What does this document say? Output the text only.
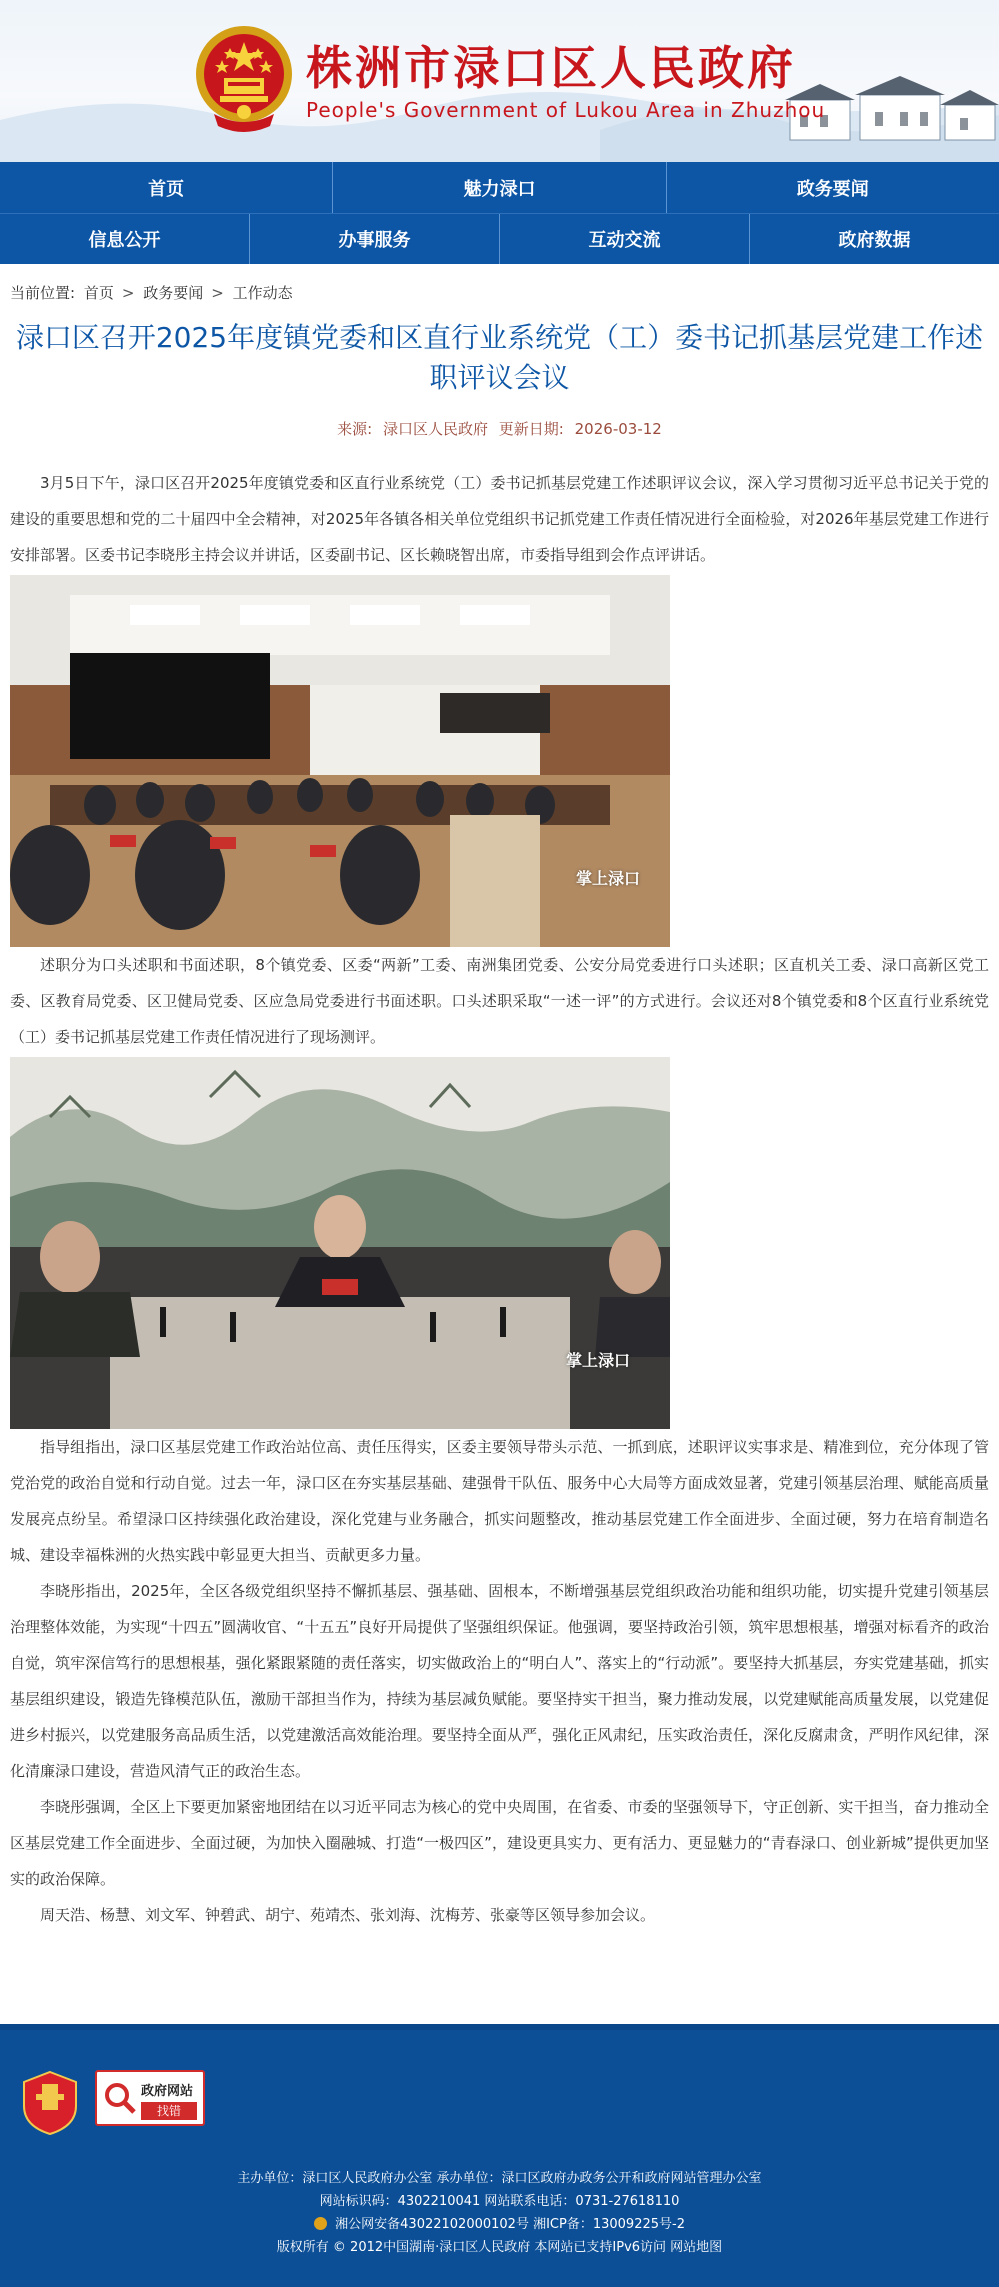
株洲市渌口区人民政府
People's Government of Lukou Area in Zhuzhou
首页	魅力渌口	政务要闻
信息公开	办事服务	互动交流	政府数据
当前位置: 首页 > 政务要闻 > 工作动态
渌口区召开2025年度镇党委和区直行业系统党（工）委书记抓基层党建工作述职评议会议
来源: 渌口区人民政府 更新日期: 2026-03-12

3月5日下午，渌口区召开2025年度镇党委和区直行业系统党（工）委书记抓基层党建工作述职评议会议，深入学习贯彻习近平总书记关于党的建设的重要思想和党的二十届四中全会精神，对2025年各镇各相关单位党组织书记抓党建工作责任情况进行全面检验，对2026年基层党建工作进行安排部署。区委书记李晓彤主持会议并讲话，区委副书记、区长赖晓智出席，市委指导组到会作点评讲话。

掌上渌口

述职分为口头述职和书面述职，8个镇党委、区委“两新”工委、南洲集团党委、公安分局党委进行口头述职；区直机关工委、渌口高新区党工委、区教育局党委、区卫健局党委、区应急局党委进行书面述职。口头述职采取“一述一评”的方式进行。会议还对8个镇党委和8个区直行业系统党（工）委书记抓基层党建工作责任情况进行了现场测评。

掌上渌口

指导组指出，渌口区基层党建工作政治站位高、责任压得实，区委主要领导带头示范、一抓到底，述职评议实事求是、精准到位，充分体现了管党治党的政治自觉和行动自觉。过去一年，渌口区在夯实基层基础、建强骨干队伍、服务中心大局等方面成效显著，党建引领基层治理、赋能高质量发展亮点纷呈。希望渌口区持续强化政治建设，深化党建与业务融合，抓实问题整改，推动基层党建工作全面进步、全面过硬，努力在培育制造名城、建设幸福株洲的火热实践中彰显更大担当、贡献更多力量。

李晓彤指出，2025年，全区各级党组织坚持不懈抓基层、强基础、固根本，不断增强基层党组织政治功能和组织功能，切实提升党建引领基层治理整体效能，为实现“十四五”圆满收官、“十五五”良好开局提供了坚强组织保证。他强调，要坚持政治引领，筑牢思想根基，增强对标看齐的政治自觉，筑牢深信笃行的思想根基，强化紧跟紧随的责任落实，切实做政治上的“明白人”、落实上的“行动派”。要坚持大抓基层，夯实党建基础，抓实基层组织建设，锻造先锋模范队伍，激励干部担当作为，持续为基层减负赋能。要坚持实干担当，聚力推动发展，以党建赋能高质量发展，以党建促进乡村振兴，以党建服务高品质生活，以党建激活高效能治理。要坚持全面从严，强化正风肃纪，压实政治责任，深化反腐肃贪，严明作风纪律，深化清廉渌口建设，营造风清气正的政治生态。

李晓彤强调，全区上下要更加紧密地团结在以习近平同志为核心的党中央周围，在省委、市委的坚强领导下，守正创新、实干担当，奋力推动全区基层党建工作全面进步、全面过硬，为加快入圈融城、打造“一极四区”，建设更具实力、更有活力、更显魅力的“青春渌口、创业新城”提供更加坚实的政治保障。

周天浩、杨慧、刘文军、钟碧武、胡宁、苑靖杰、张刘海、沈梅芳、张豪等区领导参加会议。

政府网站
找错
主办单位：渌口区人民政府办公室 承办单位：渌口区政府办政务公开和政府网站管理办公室
网站标识码：4302210041 网站联系电话：0731-27618110
湘公网安备43022102000102号 湘ICP备：13009225号-2
版权所有 © 2012中国湖南·渌口区人民政府 本网站已支持IPv6访问 网站地图
